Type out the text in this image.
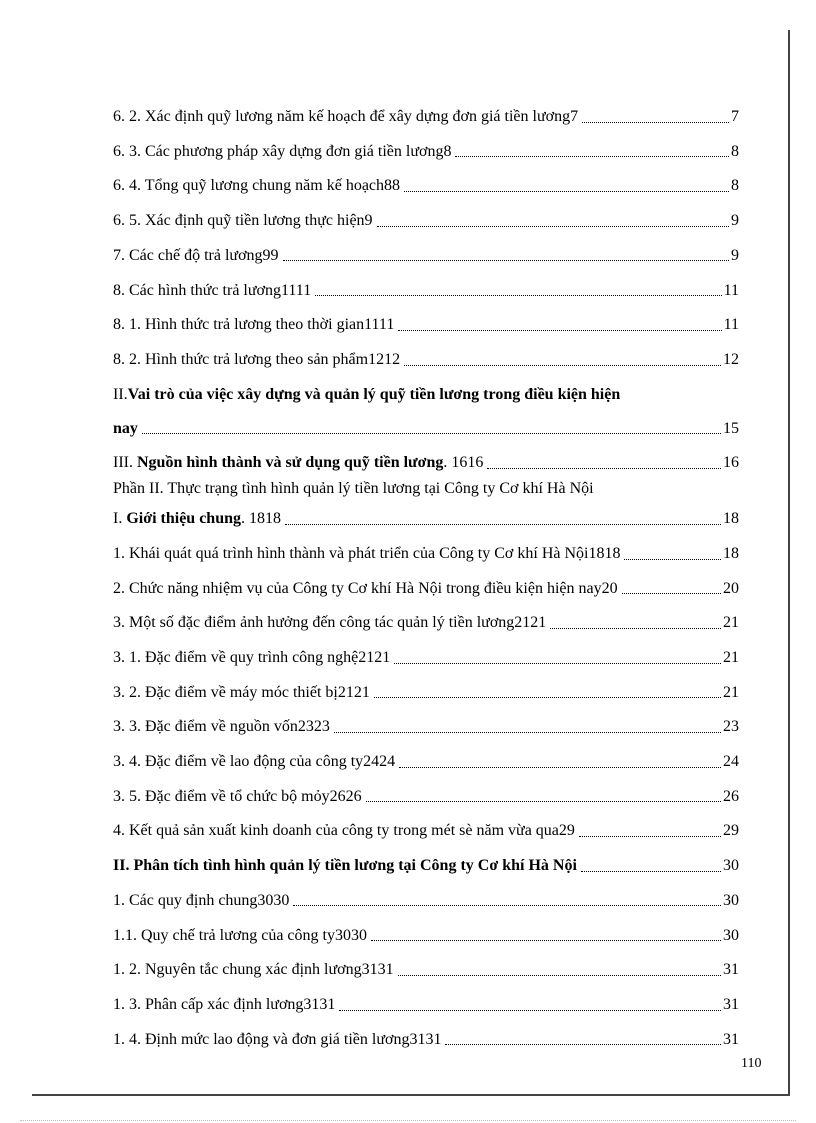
6. 2. Xác định quỹ lương năm kế hoạch để xây dựng đơn giá tiền lương7	7
6. 3. Các phương pháp xây dựng đơn giá tiền lương8	8
6. 4. Tổng quỹ lương chung năm kế hoạch88	8
6. 5. Xác định quỹ tiền lương thực hiện9	9
7. Các chế độ trả lương99	9
8. Các hình thức trả lương1111	11
8. 1. Hình thức trả lương theo thời gian1111	11
8. 2. Hình thức trả lương theo sản phẩm1212	12
II. Vai trò của việc xây dựng và quản lý quỹ tiền lương trong điều kiện hiện
nay	15
III. Nguồn hình thành và sử dụng quỹ tiền lương. 1616	16
Phần II. Thực trạng tình hình quản lý tiền lương tại Công ty Cơ khí Hà Nội
I. Giới thiệu chung. 1818	18
1. Khái quát quá trình hình thành và phát triển của Công ty Cơ khí Hà Nội1818	18
2. Chức năng nhiệm vụ của Công ty Cơ khí Hà Nội trong điều kiện hiện nay20	20
3. Một số đặc điểm ảnh hưởng đến công tác quản lý tiền lương2121	21
3. 1. Đặc điểm về quy trình công nghệ2121	21
3. 2. Đặc điểm về máy móc thiết bị2121	21
3. 3. Đặc điểm về nguồn vốn2323	23
3. 4. Đặc điểm về lao động của công ty2424	24
3. 5. Đặc điểm về tổ chức bộ mỏy2626	26
4. Kết quả sản xuất kinh doanh của công ty trong mét sè năm vừa qua29	29
II. Phân tích tình hình quản lý tiền lương tại Công ty Cơ khí Hà Nội	30
1. Các quy định chung3030	30
1.1. Quy chế trả lương của công ty3030	30
1. 2. Nguyên tắc chung xác định lương3131	31
1. 3. Phân cấp xác định lương3131	31
1. 4. Định mức lao động và đơn giá tiền lương3131	31
110
